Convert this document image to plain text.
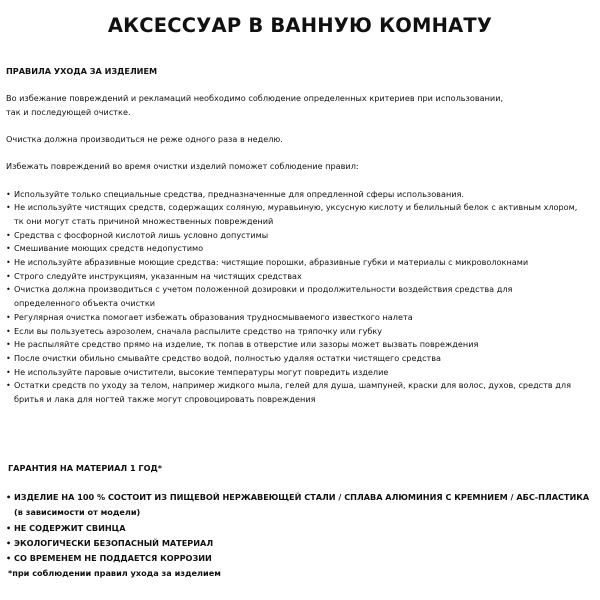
АКСЕССУАР В ВАННУЮ КОМНАТУ

ПРАВИЛА УХОДА ЗА ИЗДЕЛИЕМ

Во избежание повреждений и рекламаций необходимо соблюдение определенных критериев при использовании,

так и последующей очистке.

Очистка должна производиться не реже одного раза в неделю.

Избежать повреждений во время очистки изделий поможет соблюдение правил:

• Используйте только специальные средства, предназначенные для опредленной сферы использования.
• Не используйте чистящих средств, содержащих соляную, муравьиную, уксусную кислоту и белильный белок с активным хлором,
тк они могут стать причиной множественных повреждений
• Средства с фосфорной кислотой лишь условно допустимы
• Смешивание моющих средств недопустимо
• Не используйте абразивные моющие средства: чистящие порошки, абразивные губки и материалы с микроволокнами
• Строго следуйте инструкциям, указанным на чистящих средствах
• Очистка должна производиться с учетом положенной дозировки и продолжительности воздействия средства для
определенного объекта очистки
• Регулярная очистка помогает избежать образования трудносмываемого известкого налета
• Если вы пользуетесь аэрозолем, сначала распылите средство на тряпочку или губку
• Не распыляйте средство прямо на изделие, тк попав в отверстие или зазоры может вызвать повреждения
• После очистки обильно смывайте средство водой, полностью удаляя остатки чистящего средства
• Не используйте паровые очистители, высокие температуры могут повредить изделие
• Остатки средств по уходу за телом, например жидкого мыла, гелей для душа, шампуней, краски для волос, духов, средств для
бритья и лака для ногтей также могут спровоцировать повреждения

ГАРАНТИЯ НА МАТЕРИАЛ 1 ГОД*

• ИЗДЕЛИЕ НА 100 % СОСТОИТ ИЗ ПИЩЕВОЙ НЕРЖАВЕЮЩЕЙ СТАЛИ / СПЛАВА АЛЮМИНИЯ С КРЕМНИЕМ / АБС-ПЛАСТИКА
(в зависимости от модели)
• НЕ СОДЕРЖИТ СВИНЦА
• ЭКОЛОГИЧЕСКИ БЕЗОПАСНЫЙ МАТЕРИАЛ
• СО ВРЕМЕНЕМ НЕ ПОДДАЕТСЯ КОРРОЗИИ
*при соблюдении правил ухода за изделием
